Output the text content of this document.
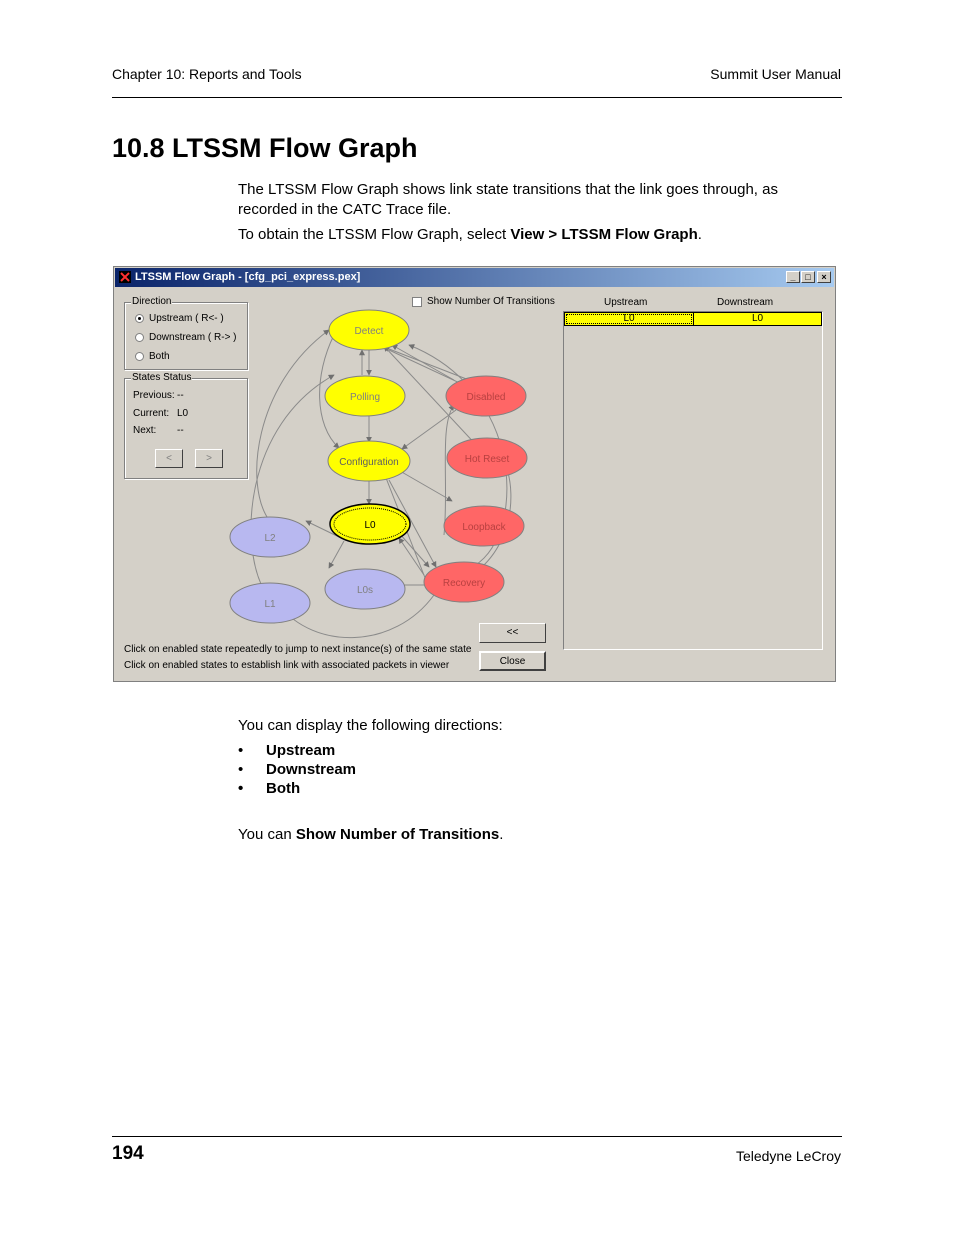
Chapter 10: Reports and Tools	Summit User Manual
10.8 LTSSM Flow Graph
The LTSSM Flow Graph shows link state transitions that the link goes through, as
recorded in the CATC Trace file.
To obtain the LTSSM Flow Graph, select View > LTSSM Flow Graph.
LTSSM Flow Graph - [cfg_pci_express.pex]	_	□	×
Direction
Upstream ( R<- )
Downstream ( R-> )
Both
States Status
Previous: --
Current: L0
Next: --
<	>
Show Number Of Transitions
Detect
Polling
Configuration
L0
L2
L1
L0s
Disabled
Hot Reset
Loopback
Recovery
Click on enabled state repeatedly to jump to next instance(s) of the same state
Click on enabled states to establish link with associated packets in viewer
<<
Close
Upstream	Downstream
L0	L0
You can display the following directions:
• Upstream
• Downstream
• Both
You can Show Number of Transitions.
194	Teledyne LeCroy
